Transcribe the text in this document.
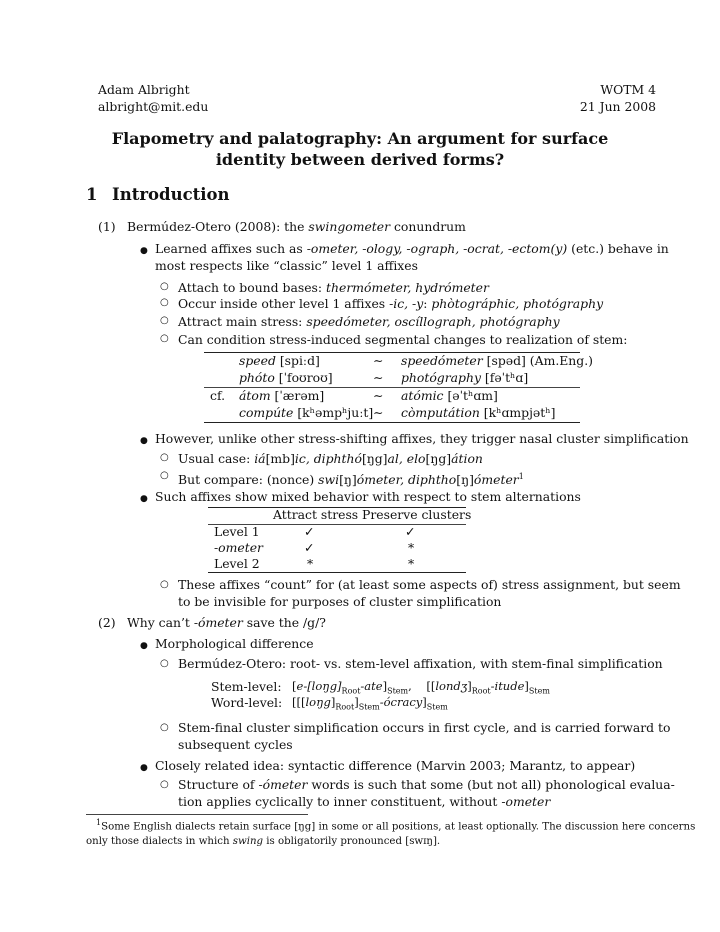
Adam Albright
albright@mit.edu
WOTM 4
21 Jun 2008
Flapometry and palatography: An argument for surface
identity between derived forms?
1 Introduction
(1) Bermúdez-Otero (2008): the swingometer conundrum
● Learned affixes such as -ometer, -ology, -ograph, -ocrat, -ectom(y) (etc.) behave in
most respects like “classic” level 1 affixes
○ Attach to bound bases: thermómeter, hydrómeter
○ Occur inside other level 1 affixes -ic, -y: phòtográphic, photógraphy
○ Attract main stress: speedómeter, oscíllograph, photógraphy
○ Can condition stress-induced segmental changes to realization of stem:
speed [spiːd]	∼ speedómeter [spəd] (Am.Eng.)
phóto [ˈfoʊroʊ]	∼ photógraphy [fəˈtʰɑ]
cf. átom [ˈærəm]	∼ atómic [əˈtʰɑm]
compúte [kʰəmpʰjuːt] ∼ còmputátion [kʰɑmpjətʰ]
● However, unlike other stress-shifting affixes, they trigger nasal cluster simplification
○ Usual case: iá[mb]ic, diphthó[ŋg]al, elo[ŋg]átion
○ But compare: (nonce) swi[ŋ]ómeter, diphtho[ŋ]ómeter$^1$
● Such affixes show mixed behavior with respect to stem alternations
Attract stress Preserve clusters
Level 1	✓	✓
-ometer	✓	*
Level 2	*	*
○ These affixes “count” for (at least some aspects of) stress assignment, but seem
to be invisible for purposes of cluster simplification
(2) Why can’t -ómeter save the /g/?
● Morphological difference
○ Bermúdez-Otero: root- vs. stem-level affixation, with stem-final simplification
Stem-level: $[e-[loŋg]_{Root}-ate]_{Stem}$, $[[londʒ]_{Root}-itude]_{Stem}$
Word-level: $[[[loŋg]_{Root}]_{Stem}-ócracy]_{Stem}$
○ Stem-final cluster simplification occurs in first cycle, and is carried forward to
subsequent cycles
● Closely related idea: syntactic difference (Marvin 2003; Marantz, to appear)
○ Structure of -ómeter words is such that some (but not all) phonological evalua-
tion applies cyclically to inner constituent, without -ometer
$^1$Some English dialects retain surface [ŋg] in some or all positions, at least optionally. The discussion here concerns
only those dialects in which swing is obligatorily pronounced [swɪŋ].
